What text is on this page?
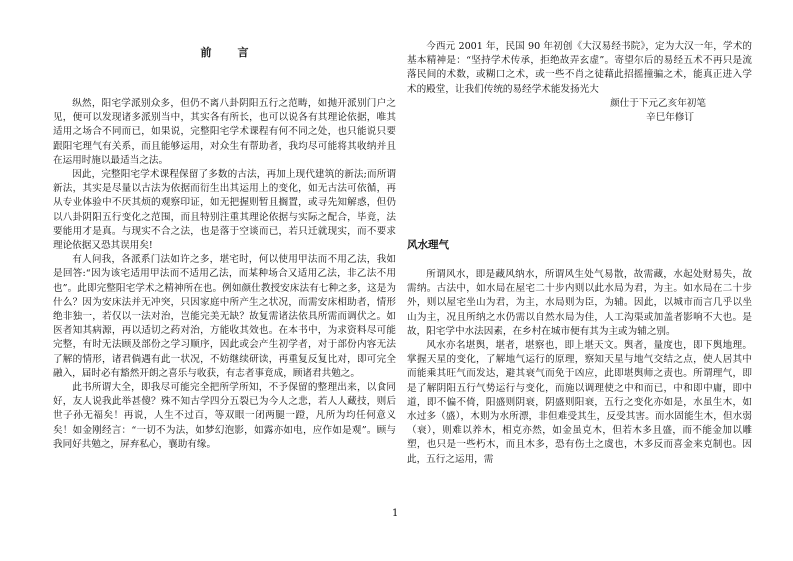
前言

纵然，阳宅学派别众多，但仍不离八卦阴阳五行之范畴，如抛开派别门户之见，便可以发现诸多派别当中，其实各有所长，也可以说各有其理论依据，唯其适用之场合不同而已，如果说，完整阳宅学术课程有何不同之处，也只能说只要跟阳宅理气有关系，而且能够运用，对众生有帮助者，我均尽可能将其收纳并且在运用时施以最适当之法。

因此，完整阳宅学术课程保留了多数的古法，再加上现代建筑的新法;而所谓新法，其实是尽量以古法为依据而衍生出其运用上的变化，如无古法可依循，再从专业体验中不厌其烦的观察印证，如无把握则暂且搁置，或寻先知解惑，但仍以八卦阴阳五行变化之范围，而且特别注重其理论依据与实际之配合，毕竟，法要能用才是真。与现实不合之法，也是落于空谈而已，若只迁就现实，而不要求理论依据又恐其误用矣!

有人问我，各派系门法如许之多，堪宅时，何以使用甲法而不用乙法，我如是回答:“因为该宅适用甲法而不适用乙法，而某种场合又适用乙法，非乙法不用也”。此即完整阳宅学术之精神所在也。例如颜仕教授安床法有七种之多，这是为什么？因为安床法并无冲突，只因家庭中所产生之状况，而需安床相助者，情形绝非独一，若仅以一法对治，岂能完美无缺？故复需诸法依具所需而调伏之。如医者知其病源，再以适切之药对治，方能收其效也。在本书中，为求资料尽可能完整，有时无法顾及部份之学习顺序，因此或会产生初学者，对于部份内容无法了解的情形，诸君倘遇有此一状况，不妨继续研读，再重复反复比对，即可完全融入，届时必有豁然开朗之喜乐与收获，有志者事竟成，顾诸君共勉之。

此书所谓大全，即我尽可能完全把所学所知，不予保留的整理出来，以食同好，友人说我此举甚傻？殊不知古学四分五裂已为今人之悲，若人人藏技，则后世子孙无福矣！再说，人生不过百，等双眼一闭两腿一蹬，凡所为均任何意义矣！如金刚经言：“一切不为法，如梦幻泡影，如露亦如电，应作如是观”。顾与我同好共勉之，屏弃私心，襄助有缘。

今西元 2001 年，民国 90 年初创《大汉易经书院》，定为大汉一年，学术的基本精神是：“坚持学术传承，拒绝故弄玄虚”。寄望尔后的易经五术不再只是流落民间的术数，或糊口之术，或一些不肖之徒藉此招摇撞骗之术，能真正进入学术的殿堂，让我们传统的易经学术能发扬光大

颜仕于下元乙亥年初笔

辛巳年修订

风水理气

所谓风水，即是藏风纳水，所谓风生处气易散，故需藏，水起处财易失，故需纳。古法中，如水局在屋宅二十步内则以此水局为君，为主。如水局在二十步外，则以屋宅坐山为君，为主，水局则为臣，为辅。因此，以城市而言几乎以坐山为主，况且所纳之水仍需以自然水局为佳，人工沟渠或加盖者影响不大也。是故，阳宅学中水法因素，在乡村在城市便有其为主或为辅之别。

风水亦名堪舆，堪者，堪察也，即上堪天文。舆者，量度也，即下舆地理。掌握天星的变化，了解地气运行的原理，察知天星与地气交结之点，使人居其中而能乘其旺气而发达，避其衰气而免于凶应，此即堪舆师之责也。所谓理气，即是了解阴阳五行气势运行与变化，而施以调理使之中和而已，中和即中庸，即中道，即不偏不倚，阳盛则阴衰，阴盛则阳衰，五行之变化亦如是，水虽生木，如水过多（盛），木则为水所漂，非但难受其生，反受其害。而水固能生木，但水弱（衰），则难以养木，相克亦然，如金虽克木，但若木多且盛，而不能金加以雕塑，也只是一些朽木，而且木多，恐有伤土之虞也，木多反而喜金来克制也。因此，五行之运用，需

1
